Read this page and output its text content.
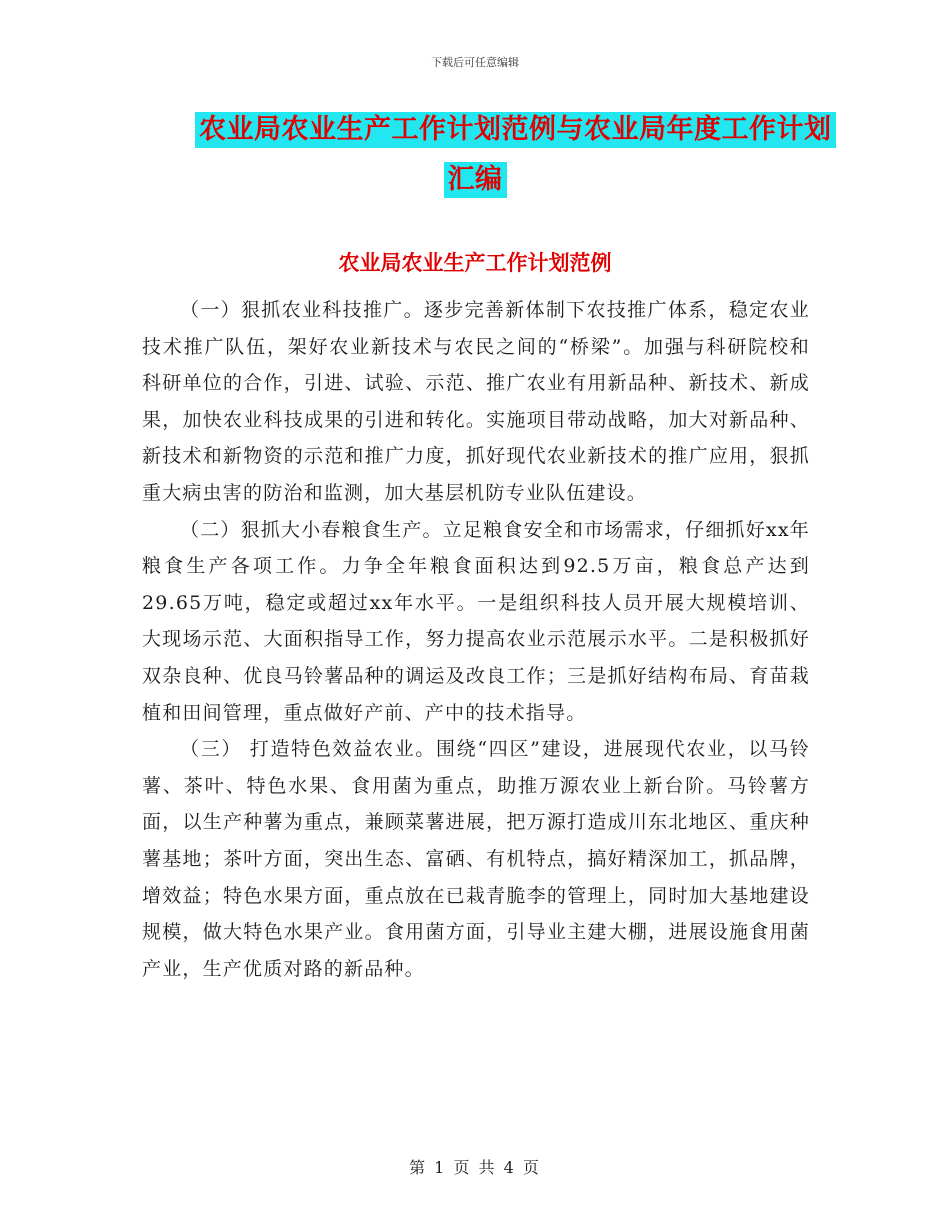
下载后可任意编辑
农业局农业生产工作计划范例与农业局年度工作计划
汇编
农业局农业生产工作计划范例

（一）狠抓农业科技推广。逐步完善新体制下农技推广体系，稳定农业技术推广队伍，架好农业新技术与农民之间的“桥梁”。加强与科研院校和科研单位的合作，引进、试验、示范、推广农业有用新品种、新技术、新成果，加快农业科技成果的引进和转化。实施项目带动战略，加大对新品种、新技术和新物资的示范和推广力度，抓好现代农业新技术的推广应用，狠抓重大病虫害的防治和监测，加大基层机防专业队伍建设。

（二）狠抓大小春粮食生产。立足粮食安全和市场需求，仔细抓好xx年粮食生产各项工作。力争全年粮食面积达到92.5万亩，粮食总产达到29.65万吨，稳定或超过xx年水平。一是组织科技人员开展大规模培训、大现场示范、大面积指导工作，努力提高农业示范展示水平。二是积极抓好双杂良种、优良马铃薯品种的调运及改良工作；三是抓好结构布局、育苗栽植和田间管理，重点做好产前、产中的技术指导。

（三） 打造特色效益农业。围绕“四区”建设，进展现代农业，以马铃薯、茶叶、特色水果、食用菌为重点，助推万源农业上新台阶。马铃薯方面，以生产种薯为重点，兼顾菜薯进展，把万源打造成川东北地区、重庆种薯基地；茶叶方面，突出生态、富硒、有机特点，搞好精深加工，抓品牌，增效益；特色水果方面，重点放在已栽青脆李的管理上，同时加大基地建设规模，做大特色水果产业。食用菌方面，引导业主建大棚，进展设施食用菌产业，生产优质对路的新品种。

第 1 页 共 4 页
